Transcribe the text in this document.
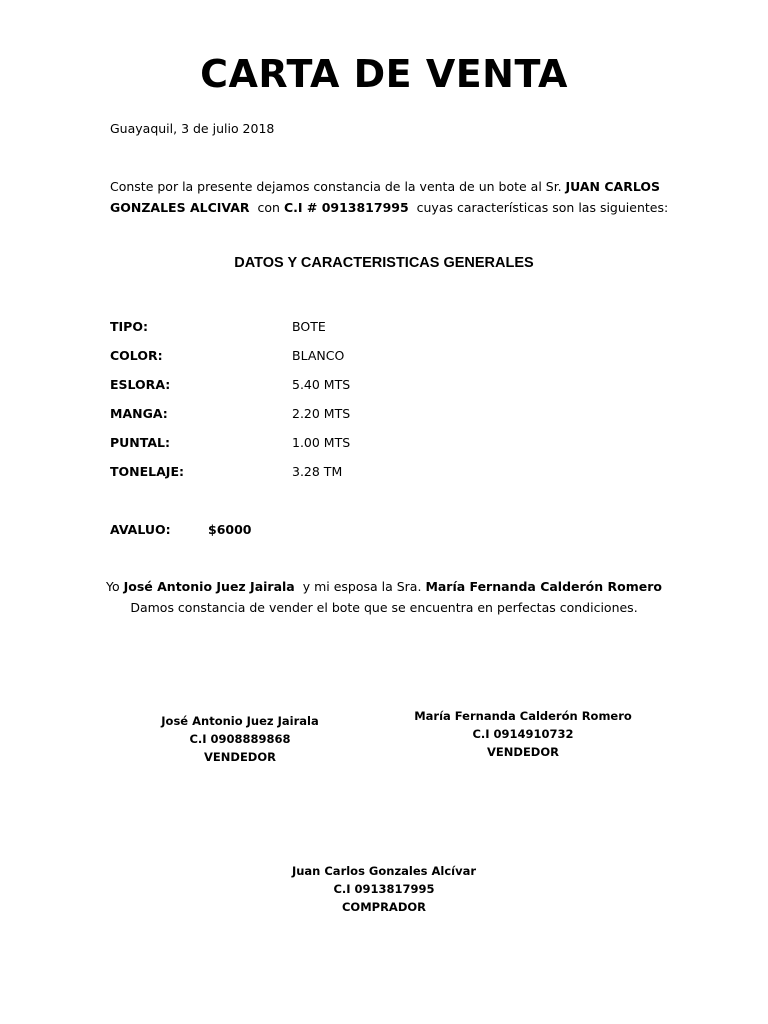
CARTA DE VENTA
Guayaquil, 3 de julio 2018
Conste por la presente dejamos constancia de la venta de un bote al Sr. JUAN CARLOS
GONZALES ALCIVAR con C.I # 0913817995 cuyas características son las siguientes:
DATOS Y CARACTERISTICAS GENERALES
TIPO:	BOTE
COLOR:	BLANCO
ESLORA:	5.40 MTS
MANGA:	2.20 MTS
PUNTAL:	1.00 MTS
TONELAJE:	3.28 TM
AVALUO:	$6000
Yo José Antonio Juez Jairala y mi esposa la Sra. María Fernanda Calderón Romero
Damos constancia de vender el bote que se encuentra en perfectas condiciones.
José Antonio Juez Jairala
C.I 0908889868
VENDEDOR
María Fernanda Calderón Romero
C.I 0914910732
VENDEDOR
Juan Carlos Gonzales Alcívar
C.I 0913817995
COMPRADOR
